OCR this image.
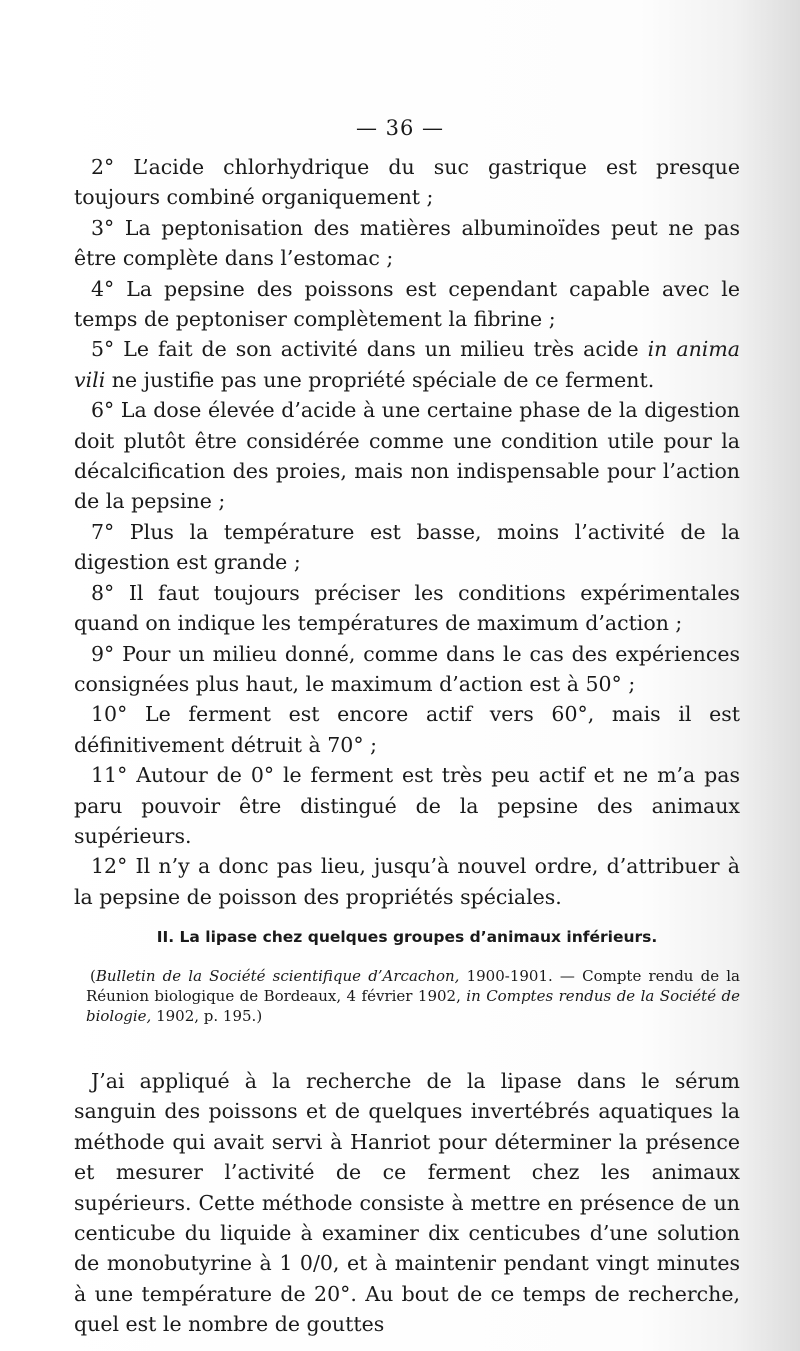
— 36 —

2° L’acide chlorhydrique du suc gastrique est presque toujours combiné organiquement ;

3° La peptonisation des matières albuminoïdes peut ne pas être complète dans l’estomac ;

4° La pepsine des poissons est cependant capable avec le temps de peptoniser complètement la fibrine ;

5° Le fait de son activité dans un milieu très acide in anima vili ne justifie pas une propriété spéciale de ce ferment.

6° La dose élevée d’acide à une certaine phase de la digestion doit plutôt être considérée comme une condition utile pour la décalcification des proies, mais non indispensable pour l’action de la pepsine ;

7° Plus la température est basse, moins l’activité de la digestion est grande ;

8° Il faut toujours préciser les conditions expérimentales quand on indique les températures de maximum d’action ;

9° Pour un milieu donné, comme dans le cas des expériences consignées plus haut, le maximum d’action est à 50° ;

10° Le ferment est encore actif vers 60°, mais il est définitivement détruit à 70° ;

11° Autour de 0° le ferment est très peu actif et ne m’a pas paru pouvoir être distingué de la pepsine des animaux supérieurs.

12° Il n’y a donc pas lieu, jusqu’à nouvel ordre, d’attribuer à la pepsine de poisson des propriétés spéciales.

II. La lipase chez quelques groupes d’animaux inférieurs.

(Bulletin de la Société scientifique d’Arcachon, 1900-1901. — Compte rendu de la Réunion biologique de Bordeaux, 4 février 1902, in Comptes rendus de la Société de biologie, 1902, p. 195.)

J’ai appliqué à la recherche de la lipase dans le sérum sanguin des poissons et de quelques invertébrés aquatiques la méthode qui avait servi à Hanriot pour déterminer la présence et mesurer l’activité de ce ferment chez les animaux supérieurs. Cette méthode consiste à mettre en présence de un centicube du liquide à examiner dix centicubes d’une solution de monobutyrine à 1 0/0, et à maintenir pendant vingt minutes à une température de 20°. Au bout de ce temps de recherche, quel est le nombre de gouttes
